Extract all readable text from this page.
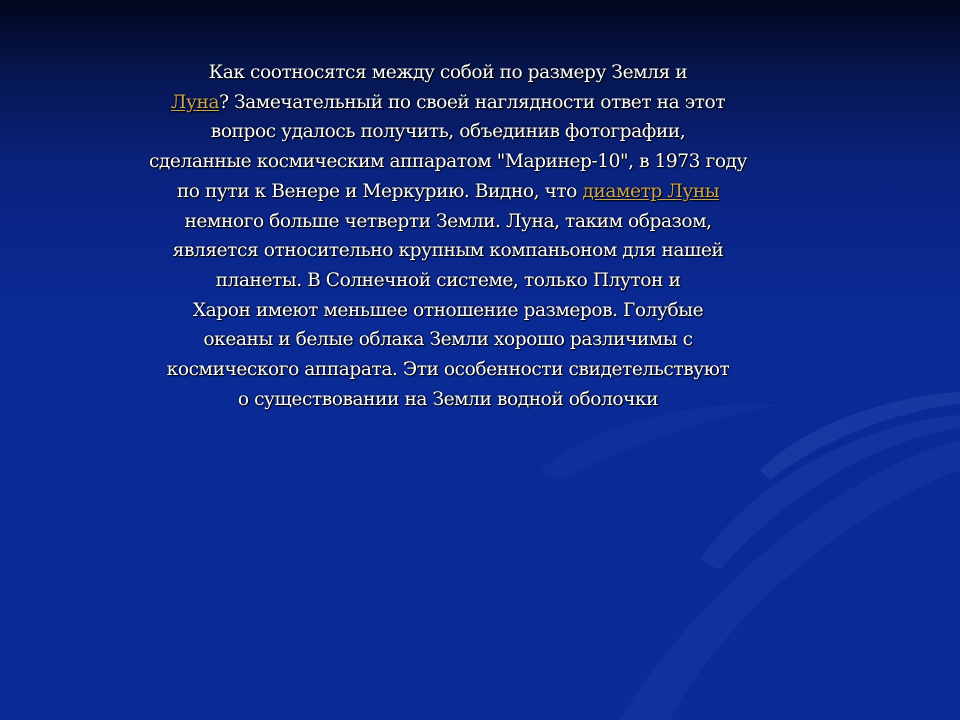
Как соотносятся между собой по размеру Земля и
Луна? Замечательный по своей наглядности ответ на этот
вопрос удалось получить, объединив фотографии,
сделанные космическим аппаратом "Маринер-10", в 1973 году
по пути к Венере и Меркурию. Видно, что диаметр Луны
немного больше четверти Земли. Луна, таким образом,
является относительно крупным компаньоном для нашей
планеты. В Солнечной системе, только Плутон и
Харон имеют меньшее отношение размеров. Голубые
океаны и белые облака Земли хорошо различимы с
космического аппарата. Эти особенности свидетельствуют
о существовании на Земли водной оболочки
